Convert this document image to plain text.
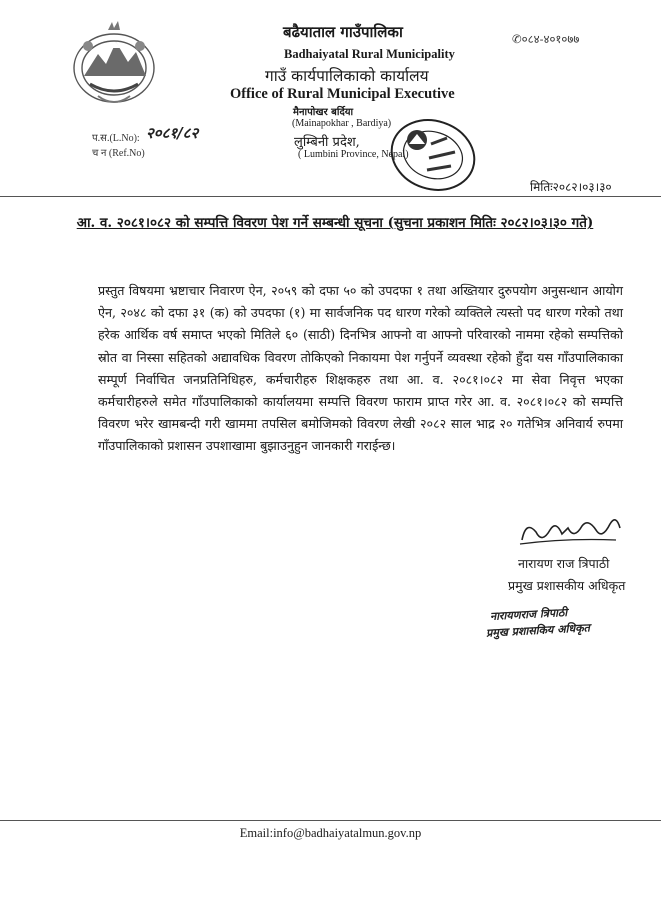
बढैयाताल गाउँपालिका
Badhaiyatal Rural Municipality
गाउँ कार्यपालिकाको कार्यालय
Office of Rural Municipal Executive
मैनापोखर बर्दिया
(Mainapokhar , Bardiya)
लुम्बिनी प्रदेश,
( Lumbini Province, Nepal)
✆०८४-४०१०७७
प.स.(L.No): २०८१/८२
च न (Ref.No)
मितिः२०८२।०३।३०
आ. व. २०८१।०८२ को सम्पत्ति विवरण पेश गर्ने सम्बन्धी सूचना (सुचना प्रकाशन मितिः २०८२।०३।३० गते)
प्रस्तुत विषयमा भ्रष्टाचार निवारण ऐन, २०५९ को दफा ५० को उपदफा १ तथा अख्तियार दुरुपयोग अनुसन्धान आयोग ऐन, २०४८ को दफा ३१ (क) को उपदफा (१) मा सार्वजनिक पद धारण गरेको व्यक्तिले त्यस्तो पद धारण गरेको तथा हरेक आर्थिक वर्ष समाप्त भएको मितिले ६० (साठी) दिनभित्र आफ्नो वा आफ्नो परिवारको नाममा रहेको सम्पत्तिको स्रोत वा निस्सा सहितको अद्यावधिक विवरण तोकिएको निकायमा पेश गर्नुपर्ने व्यवस्था रहेको हुँदा यस गाँउपालिकाका सम्पूर्ण निर्वाचित जनप्रतिनिधिहरु, कर्मचारीहरु शिक्षकहरु तथा आ. व. २०८१।०८२ मा सेवा निवृत्त भएका कर्मचारीहरुले समेत गाँउपालिकाको कार्यालयमा सम्पत्ति विवरण फाराम प्राप्त गरेर आ. व. २०८१।०८२ को सम्पत्ति विवरण भरेर खामबन्दी गरी खाममा तपसिल बमोजिमको विवरण लेखी २०८२ साल भाद्र २० गतेभित्र अनिवार्य रुपमा गाँउपालिकाको प्रशासन उपशाखामा बुझाउनुहुन जानकारी गराईन्छ।
नारायण राज त्रिपाठी
प्रमुख प्रशासकीय अधिकृत
नारायणराज त्रिपाठी
प्रमुख प्रशासकिय अधिकृत
Email:info@badhaiyatalmun.gov.np
